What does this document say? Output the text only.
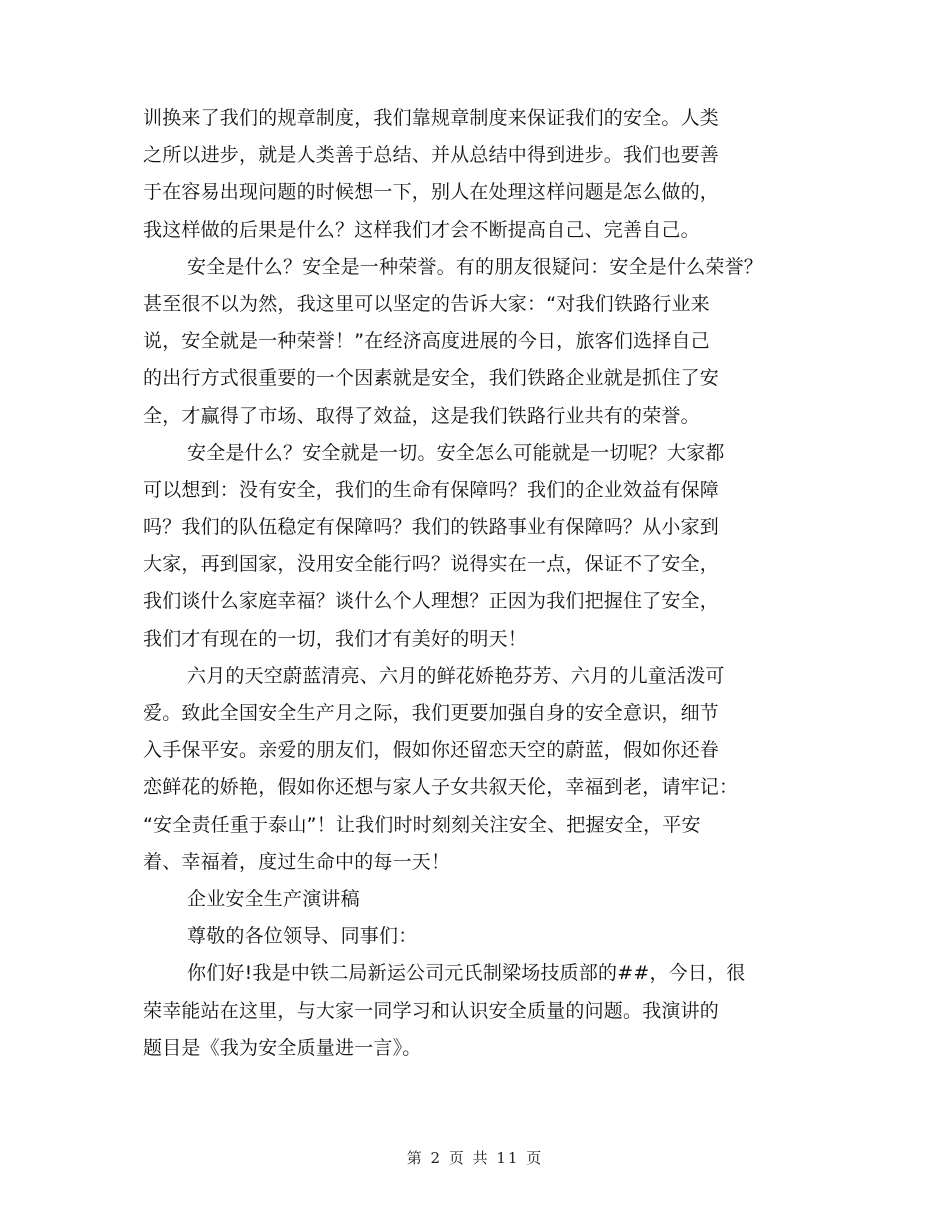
训换来了我们的规章制度，我们靠规章制度来保证我们的安全。人类
之所以进步，就是人类善于总结、并从总结中得到进步。我们也要善
于在容易出现问题的时候想一下，别人在处理这样问题是怎么做的，
我这样做的后果是什么？这样我们才会不断提高自己、完善自己。
安全是什么？安全是一种荣誉。有的朋友很疑问：安全是什么荣誉？
甚至很不以为然，我这里可以坚定的告诉大家：“对我们铁路行业来
说，安全就是一种荣誉！”在经济高度进展的今日，旅客们选择自己
的出行方式很重要的一个因素就是安全，我们铁路企业就是抓住了安
全，才赢得了市场、取得了效益，这是我们铁路行业共有的荣誉。
安全是什么？安全就是一切。安全怎么可能就是一切呢？大家都
可以想到：没有安全，我们的生命有保障吗？我们的企业效益有保障
吗？我们的队伍稳定有保障吗？我们的铁路事业有保障吗？从小家到
大家，再到国家，没用安全能行吗？说得实在一点，保证不了安全，
我们谈什么家庭幸福？谈什么个人理想？正因为我们把握住了安全，
我们才有现在的一切，我们才有美好的明天！
六月的天空蔚蓝清亮、六月的鲜花娇艳芬芳、六月的儿童活泼可
爱。致此全国安全生产月之际，我们更要加强自身的安全意识，细节
入手保平安。亲爱的朋友们，假如你还留恋天空的蔚蓝，假如你还眷
恋鲜花的娇艳，假如你还想与家人子女共叙天伦，幸福到老，请牢记：
“安全责任重于泰山”！让我们时时刻刻关注安全、把握安全，平安
着、幸福着，度过生命中的每一天！
企业安全生产演讲稿
尊敬的各位领导、同事们：
你们好!我是中铁二局新运公司元氏制梁场技质部的##，今日，很
荣幸能站在这里，与大家一同学习和认识安全质量的问题。我演讲的
题目是《我为安全质量进一言》。
第 2 页 共 11 页
